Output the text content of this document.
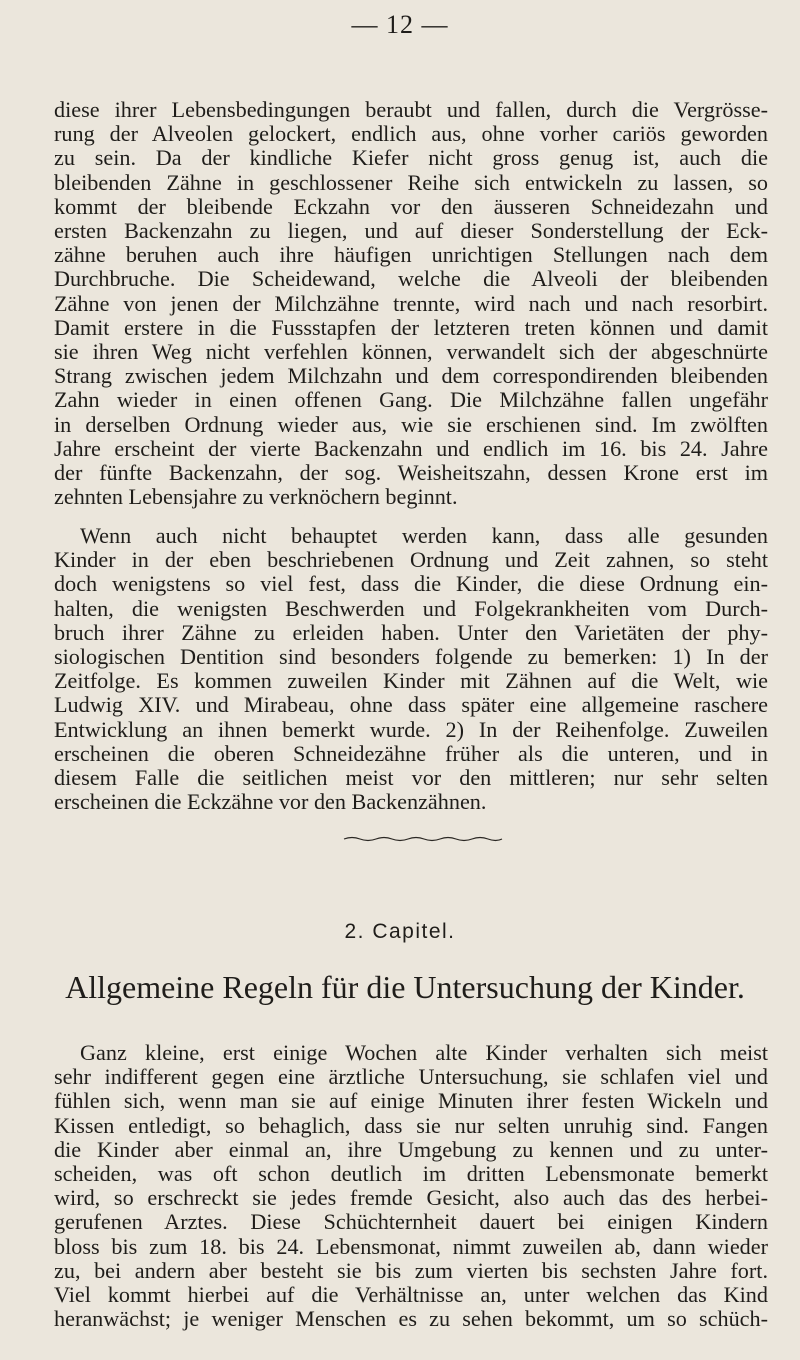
— 12 —

diese ihrer Lebensbedingungen beraubt und fallen, durch die Vergrösse-

rung der Alveolen gelockert, endlich aus, ohne vorher cariös geworden

zu sein. Da der kindliche Kiefer nicht gross genug ist, auch die

bleibenden Zähne in geschlossener Reihe sich entwickeln zu lassen, so

kommt der bleibende Eckzahn vor den äusseren Schneidezahn und

ersten Backenzahn zu liegen, und auf dieser Sonderstellung der Eck-

zähne beruhen auch ihre häufigen unrichtigen Stellungen nach dem

Durchbruche. Die Scheidewand, welche die Alveoli der bleibenden

Zähne von jenen der Milchzähne trennte, wird nach und nach resorbirt.

Damit erstere in die Fussstapfen der letzteren treten können und damit

sie ihren Weg nicht verfehlen können, verwandelt sich der abgeschnürte

Strang zwischen jedem Milchzahn und dem correspondirenden bleibenden

Zahn wieder in einen offenen Gang. Die Milchzähne fallen ungefähr

in derselben Ordnung wieder aus, wie sie erschienen sind. Im zwölften

Jahre erscheint der vierte Backenzahn und endlich im 16. bis 24. Jahre

der fünfte Backenzahn, der sog. Weisheitszahn, dessen Krone erst im

zehnten Lebensjahre zu verknöchern beginnt.

Wenn auch nicht behauptet werden kann, dass alle gesunden

Kinder in der eben beschriebenen Ordnung und Zeit zahnen, so steht

doch wenigstens so viel fest, dass die Kinder, die diese Ordnung ein-

halten, die wenigsten Beschwerden und Folgekrankheiten vom Durch-

bruch ihrer Zähne zu erleiden haben. Unter den Varietäten der phy-

siologischen Dentition sind besonders folgende zu bemerken: 1) In der

Zeitfolge. Es kommen zuweilen Kinder mit Zähnen auf die Welt, wie

Ludwig XIV. und Mirabeau, ohne dass später eine allgemeine raschere

Entwicklung an ihnen bemerkt wurde. 2) In der Reihenfolge. Zuweilen

erscheinen die oberen Schneidezähne früher als die unteren, und in

diesem Falle die seitlichen meist vor den mittleren; nur sehr selten

erscheinen die Eckzähne vor den Backenzähnen.

2. Capitel.
Allgemeine Regeln für die Untersuchung der Kinder.

Ganz kleine, erst einige Wochen alte Kinder verhalten sich meist

sehr indifferent gegen eine ärztliche Untersuchung, sie schlafen viel und

fühlen sich, wenn man sie auf einige Minuten ihrer festen Wickeln und

Kissen entledigt, so behaglich, dass sie nur selten unruhig sind. Fangen

die Kinder aber einmal an, ihre Umgebung zu kennen und zu unter-

scheiden, was oft schon deutlich im dritten Lebensmonate bemerkt

wird, so erschreckt sie jedes fremde Gesicht, also auch das des herbei-

gerufenen Arztes. Diese Schüchternheit dauert bei einigen Kindern

bloss bis zum 18. bis 24. Lebensmonat, nimmt zuweilen ab, dann wieder

zu, bei andern aber besteht sie bis zum vierten bis sechsten Jahre fort.

Viel kommt hierbei auf die Verhältnisse an, unter welchen das Kind

heranwächst; je weniger Menschen es zu sehen bekommt, um so schüch-
